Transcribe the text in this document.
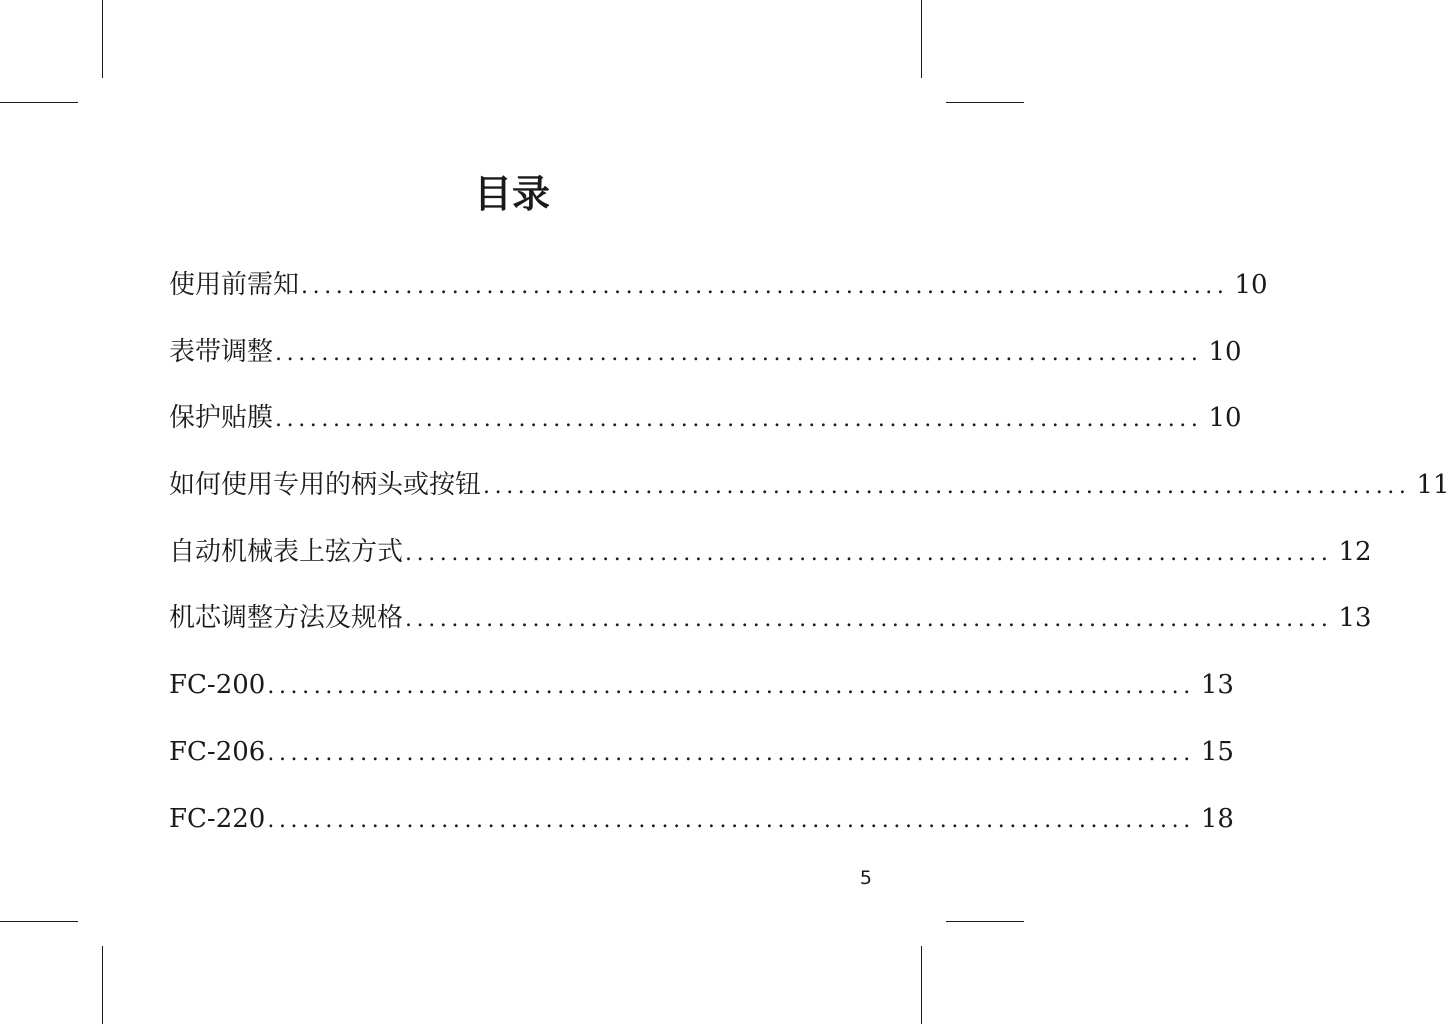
目录
使用前需知 ................................................................................ 10
表带调整 ................................................................................ 10
保护贴膜 ................................................................................ 10
如何使用专用的柄头或按钮 ................................................................................ 11
自动机械表上弦方式 ................................................................................ 12
机芯调整方法及规格 ................................................................................ 13
FC-200 ................................................................................ 13
FC-206 ................................................................................ 15
FC-220 ................................................................................ 18
5
